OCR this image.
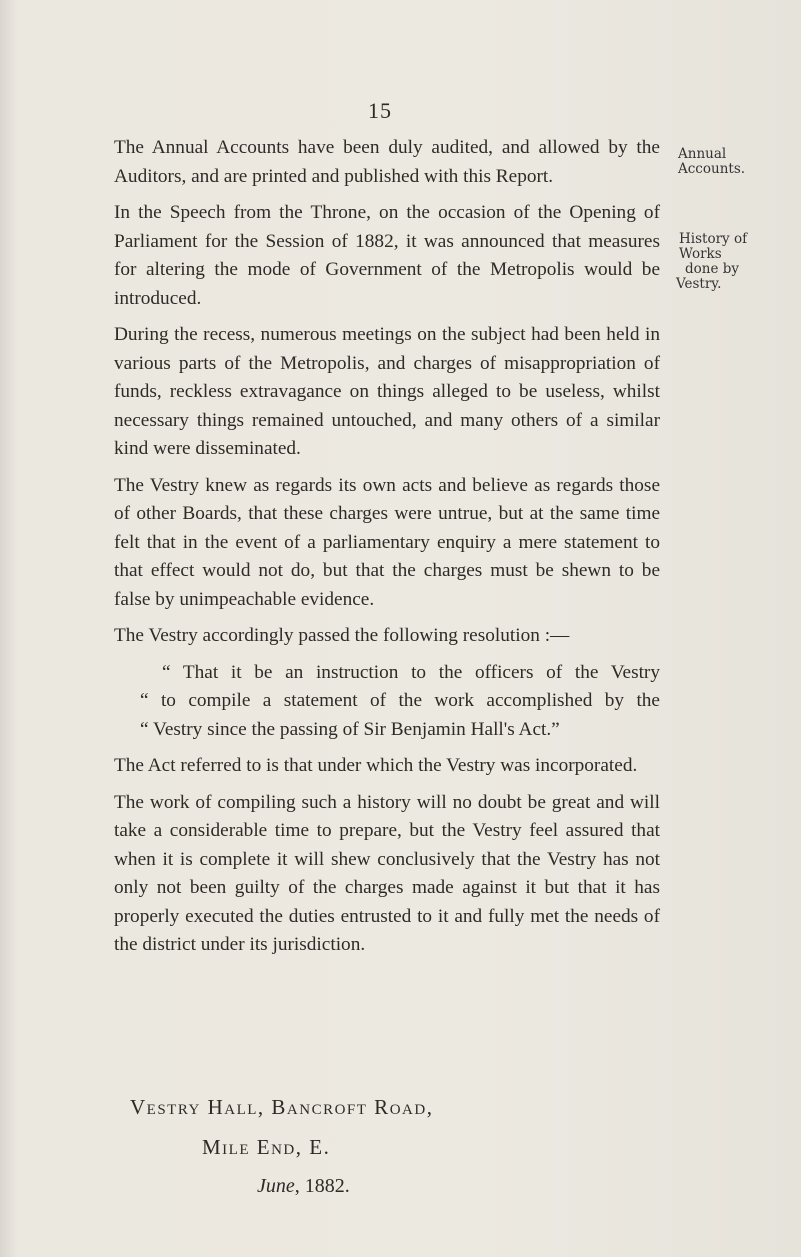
15
Annual
Accounts.
History of
Works
done by
Vestry.

The Annual Accounts have been duly audited, and allowed by the Auditors, and are printed and published with this Report.

In the Speech from the Throne, on the occasion of the Opening of Parliament for the Session of 1882, it was announced that measures for altering the mode of Government of the Metropolis would be introduced.

During the recess, numerous meetings on the subject had been held in various parts of the Metropolis, and charges of misappropriation of funds, reckless extravagance on things alleged to be useless, whilst necessary things remained untouched, and many others of a similar kind were disseminated.

The Vestry knew as regards its own acts and believe as regards those of other Boards, that these charges were untrue, but at the same time felt that in the event of a parliamentary enquiry a mere statement to that effect would not do, but that the charges must be shewn to be false by unimpeachable evidence.

The Vestry accordingly passed the following resolution :—

“ That it be an instruction to the officers of the Vestry
“ to compile a statement of the work accomplished by the
“ Vestry since the passing of Sir Benjamin Hall's Act.”

The Act referred to is that under which the Vestry was incorporated.

The work of compiling such a history will no doubt be great and will take a considerable time to prepare, but the Vestry feel assured that when it is complete it will shew conclusively that the Vestry has not only not been guilty of the charges made against it but that it has properly executed the duties entrusted to it and fully met the needs of the district under its jurisdiction.

Vestry Hall, Bancroft Road,
Mile End, E.
June, 1882.
